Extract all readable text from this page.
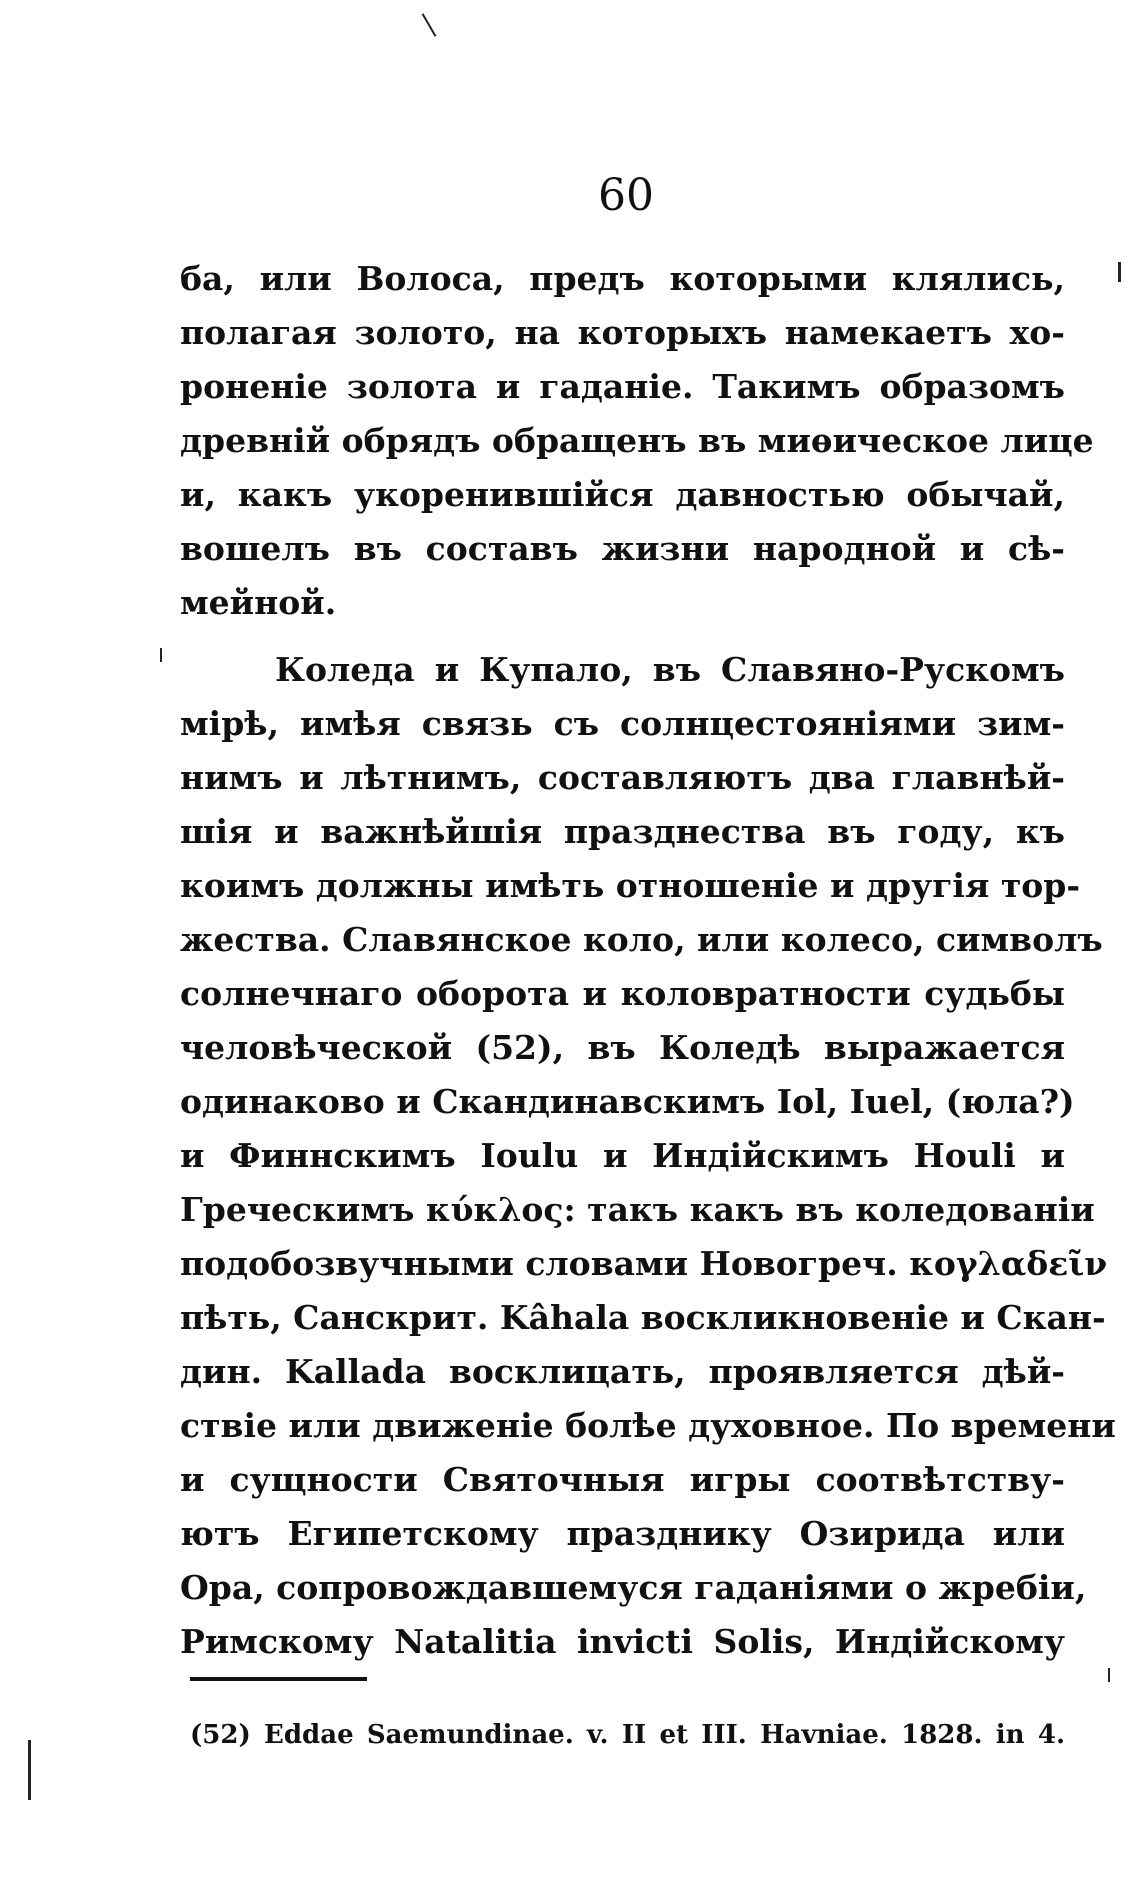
60
ба, или Волоса, предъ которыми клялись,
полагая золото, на которыхъ намекаетъ хо-
роненіе золота и гаданіе. Такимъ образомъ
древній обрядъ обращенъ въ миѳическое лице
и, какъ укоренившійся давностью обычай,
вошелъ въ составъ жизни народной и сѣ-
мейной.
Коледа и Купало, въ Славяно-Рускомъ
мірѣ, имѣя связь съ солнцестояніями зим-
нимъ и лѣтнимъ, составляютъ два главнѣй-
шія и важнѣйшія празднества въ году, къ
коимъ должны имѣть отношеніе и другія тор-
жества. Славянское коло, или колесо, символъ
солнечнаго оборота и коловратности судьбы
человѣческой (52), въ Коледѣ выражается
одинаково и Скандинавскимъ Iol, Iuel, (юла?)
и Финнскимъ Ioulu и Индійскимъ Houli и
Греческимъ κύκλος: такъ какъ въ коледованіи
подобозвучными словами Новогреч. κογλαδεῖν
пѣть, Санскрит. Kâhala воскликновеніе и Скан-
дин. Kallada восклицать, проявляется дѣй-
ствіе или движеніе болѣе духовное. По времени
и сущности Святочныя игры соотвѣтству-
ютъ Египетскому празднику Озирида или
Ора, сопровождавшемуся гаданіями о жребіи,
Римскому Natalitia invicti Solis, Индійскому
(52) Eddae Saemundinae. v. II et III. Havniae. 1828. in 4.
